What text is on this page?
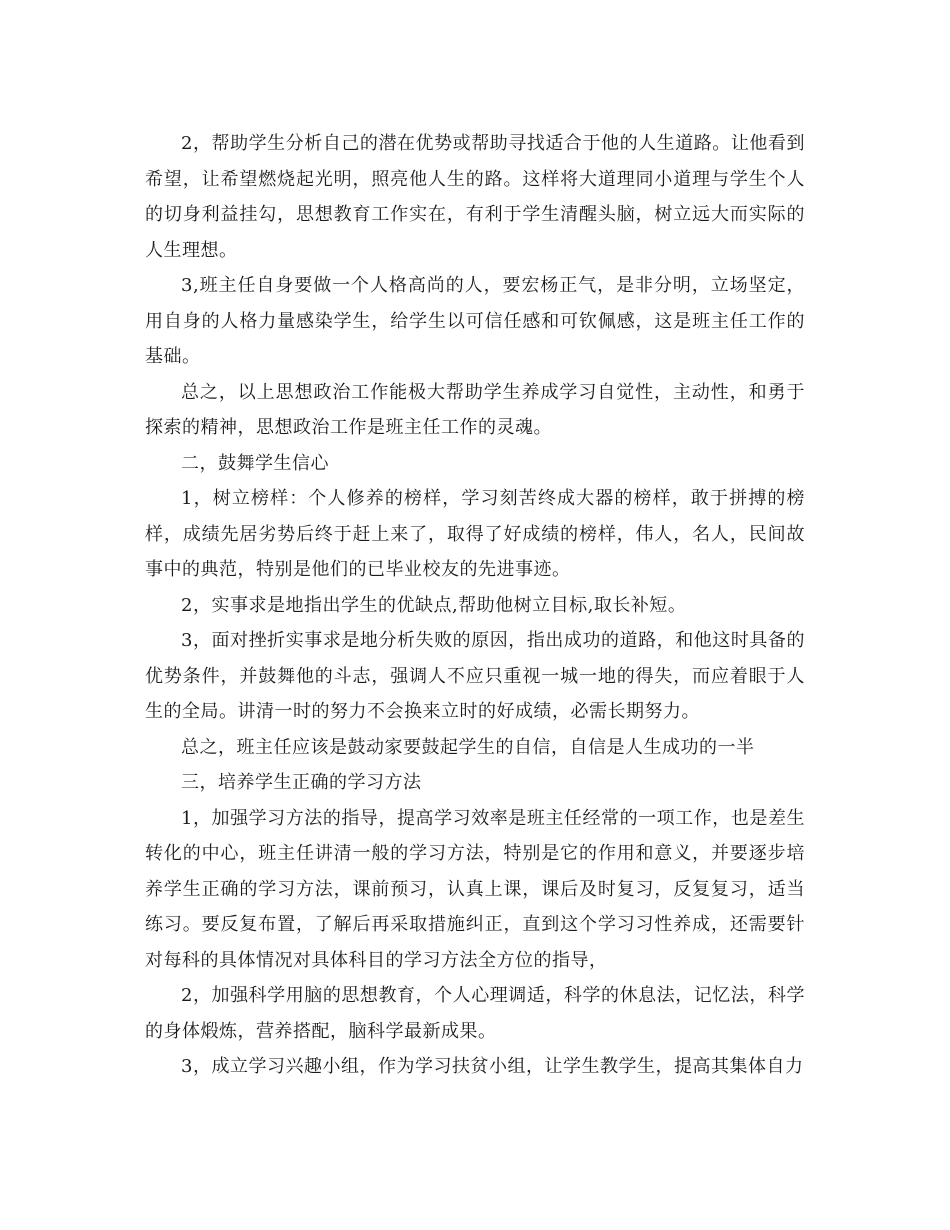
2，帮助学生分析自己的潜在优势或帮助寻找适合于他的人生道路。让他看到希望，让希望燃烧起光明，照亮他人生的路。这样将大道理同小道理与学生个人的切身利益挂勾，思想教育工作实在，有利于学生清醒头脑，树立远大而实际的人生理想。

3,班主任自身要做一个人格高尚的人，要宏杨正气，是非分明，立场坚定，用自身的人格力量感染学生，给学生以可信任感和可钦佩感，这是班主任工作的基础。

总之，以上思想政治工作能极大帮助学生养成学习自觉性，主动性，和勇于探索的精神，思想政治工作是班主任工作的灵魂。

二，鼓舞学生信心

1，树立榜样：个人修养的榜样，学习刻苦终成大器的榜样，敢于拼搏的榜样，成绩先居劣势后终于赶上来了，取得了好成绩的榜样，伟人，名人，民间故事中的典范，特别是他们的已毕业校友的先进事迹。

2，实事求是地指出学生的优缺点,帮助他树立目标,取长补短。

3，面对挫折实事求是地分析失败的原因，指出成功的道路，和他这时具备的优势条件，并鼓舞他的斗志，强调人不应只重视一城一地的得失，而应着眼于人生的全局。讲清一时的努力不会换来立时的好成绩，必需长期努力。

总之，班主任应该是鼓动家要鼓起学生的自信，自信是人生成功的一半

三，培养学生正确的学习方法

1，加强学习方法的指导，提高学习效率是班主任经常的一项工作，也是差生转化的中心，班主任讲清一般的学习方法，特别是它的作用和意义，并要逐步培养学生正确的学习方法，课前预习，认真上课，课后及时复习，反复复习，适当练习。要反复布置，了解后再采取措施纠正，直到这个学习习性养成，还需要针对每科的具体情况对具体科目的学习方法全方位的指导，

2，加强科学用脑的思想教育，个人心理调适，科学的休息法，记忆法，科学的身体煅炼，营养搭配，脑科学最新成果。

3，成立学习兴趣小组，作为学习扶贫小组，让学生教学生，提高其集体自力
